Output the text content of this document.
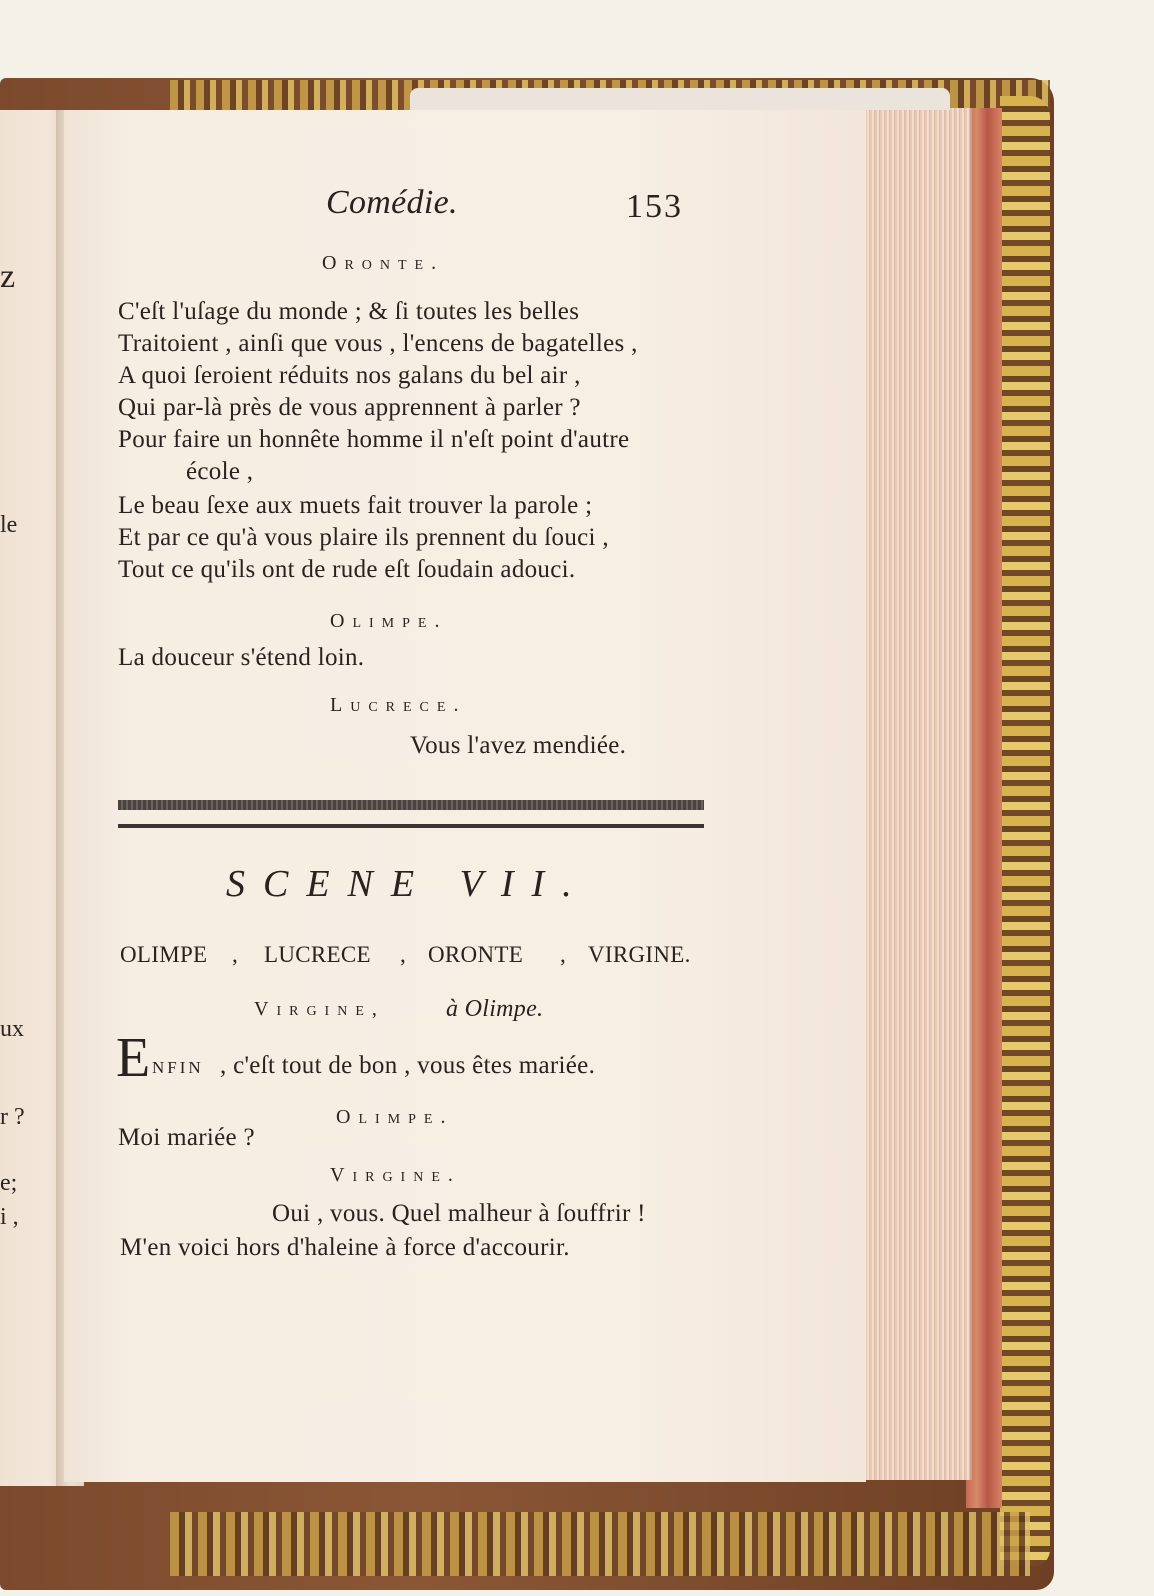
z
le
ux
r ?
e;
i ,
Comédie.	153
Oronte.
C'eſt l'uſage du monde ; & ſi toutes les belles
Traitoient , ainſi que vous , l'encens de bagatelles ,
A quoi ſeroient réduits nos galans du bel air ,
Qui par-là près de vous apprennent à parler ?
Pour faire un honnête homme il n'eſt point d'autre
école ,
Le beau ſexe aux muets fait trouver la parole ;
Et par ce qu'à vous plaire ils prennent du ſouci ,
Tout ce qu'ils ont de rude eſt ſoudain adouci.
Olimpe.
La douceur s'étend loin.
Lucrece.
Vous l'avez mendiée.
SCENE VII.
OLIMPE , LUCRECE , ORONTE , VIRGINE.
Virgine,	à Olimpe.
E NFIN , c'eſt tout de bon , vous êtes mariée.
Olimpe.
Moi mariée ?
Virgine.
Oui , vous. Quel malheur à ſouffrir !
M'en voici hors d'haleine à force d'accourir.
